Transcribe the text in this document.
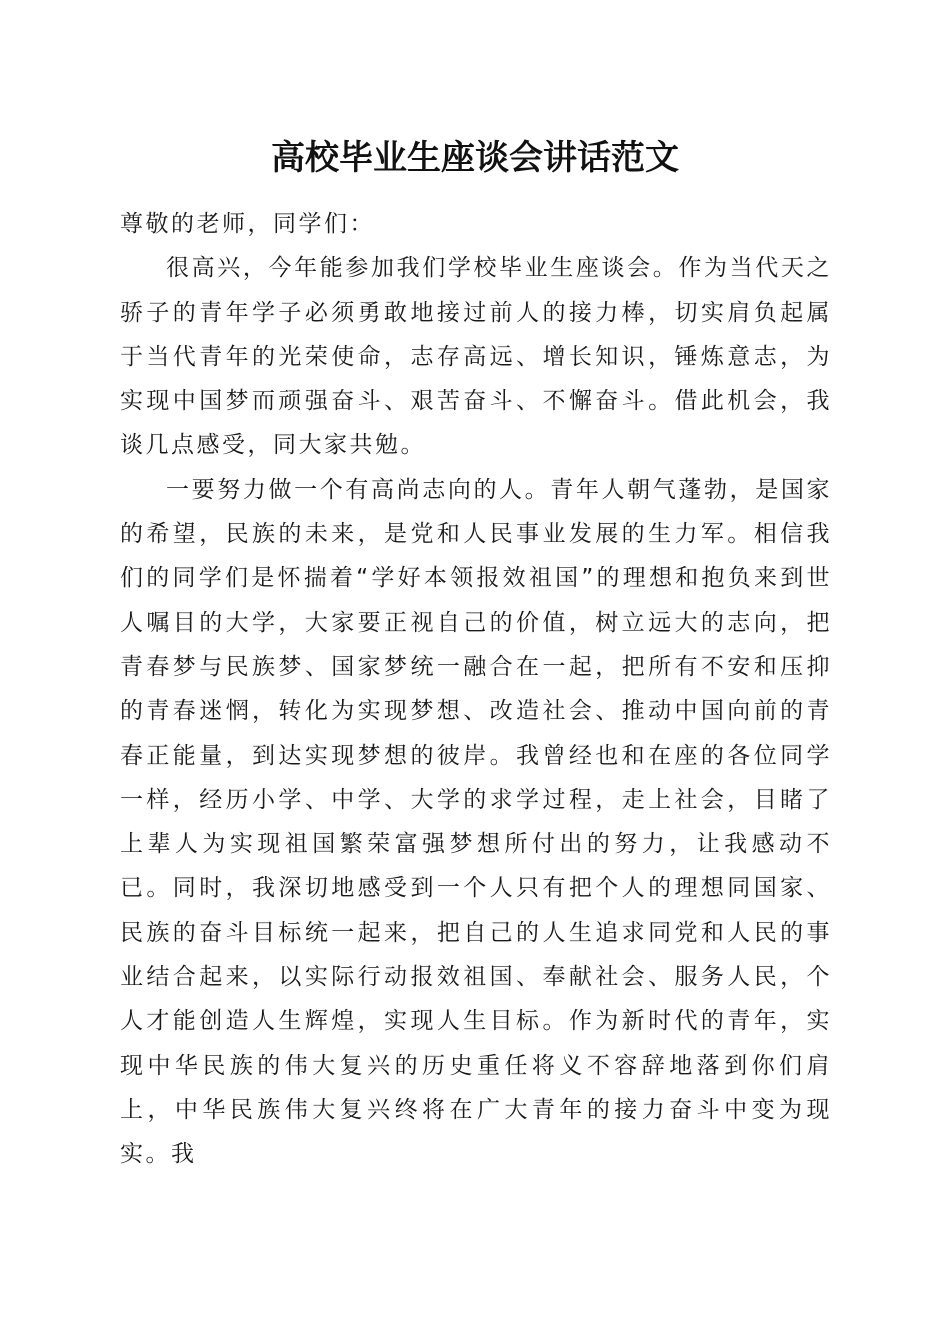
高校毕业生座谈会讲话范文

尊敬的老师，同学们：

很高兴，今年能参加我们学校毕业生座谈会。作为当代天之骄子的青年学子必须勇敢地接过前人的接力棒，切实肩负起属于当代青年的光荣使命，志存高远、增长知识，锤炼意志，为实现中国梦而顽强奋斗、艰苦奋斗、不懈奋斗。借此机会，我谈几点感受，同大家共勉。

一要努力做一个有高尚志向的人。青年人朝气蓬勃，是国家的希望，民族的未来，是党和人民事业发展的生力军。相信我们的同学们是怀揣着“学好本领报效祖国”的理想和抱负来到世人嘱目的大学，大家要正视自己的价值，树立远大的志向，把青春梦与民族梦、国家梦统一融合在一起，把所有不安和压抑的青春迷惘，转化为实现梦想、改造社会、推动中国向前的青春正能量，到达实现梦想的彼岸。我曾经也和在座的各位同学一样，经历小学、中学、大学的求学过程，走上社会，目睹了上辈人为实现祖国繁荣富强梦想所付出的努力，让我感动不已。同时，我深切地感受到一个人只有把个人的理想同国家、民族的奋斗目标统一起来，把自己的人生追求同党和人民的事业结合起来，以实际行动报效祖国、奉献社会、服务人民，个人才能创造人生辉煌，实现人生目标。作为新时代的青年，实现中华民族的伟大复兴的历史重任将义不容辞地落到你们肩上，中华民族伟大复兴终将在广大青年的接力奋斗中变为现实。我
